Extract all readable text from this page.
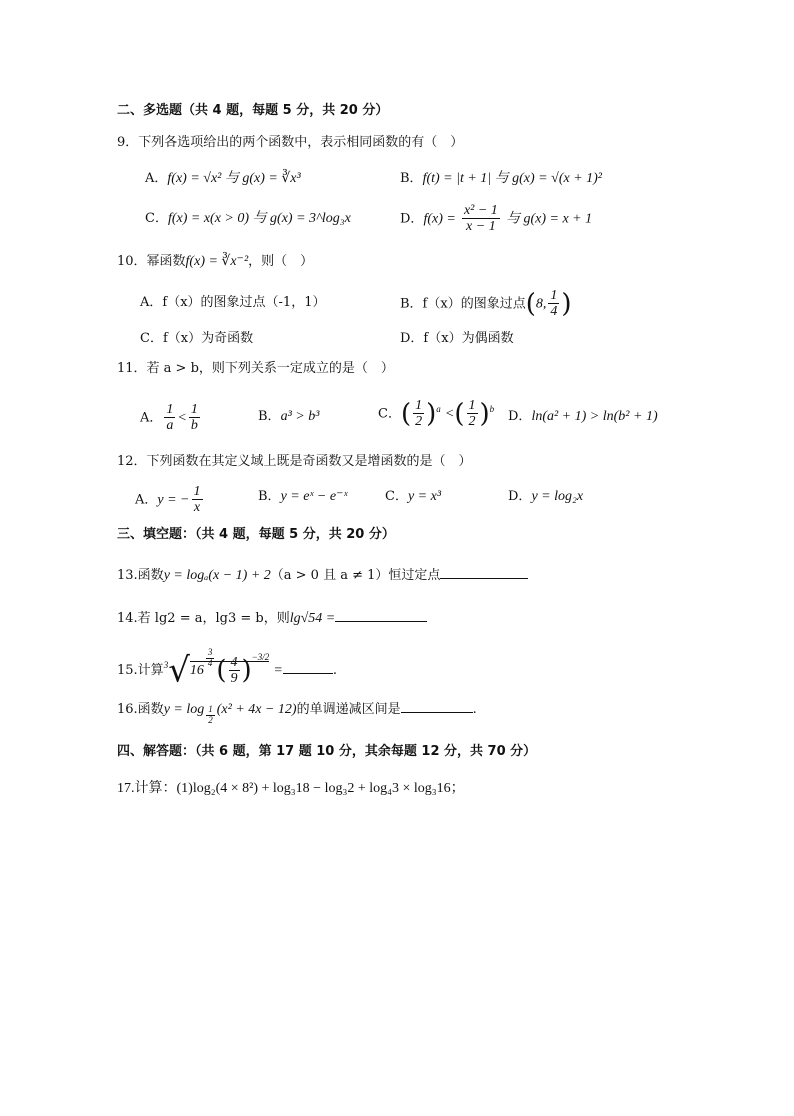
二、多选题（共 4 题，每题 5 分，共 20 分）
9．下列各选项给出的两个函数中，表示相同函数的有（　）
A．f(x) = √x² 与 g(x) = ∛x³	B．f(t) = |t + 1| 与 g(x) = √(x + 1)²
C．f(x) = x(x > 0) 与 g(x) = 3^log₃x	D．$f(x) = \frac{\text{x² − 1}}{x - 1}$ 与 g(x) = x + 1
10．幂函数f(x) = ∛x⁻²，则（　）
A．f（x）的图象过点（-1，1）	B．f（x）的图象过点(8, $\frac{1}{4}$ )
C．f（x）为奇函数	D．f（x）为偶函数
11．若 a > b，则下列关系一定成立的是（　）
A． $\frac{1}{a} < \frac{1}{b}$	B．a³ > b³	C．( $\frac{1}{2} )^a$ <( $\frac{1}{2} )^b$ D．ln(a² + 1) > ln(b² + 1)
12．下列函数在其定义域上既是奇函数又是增函数的是（　）
A．y = − $\frac{1}{x}$	B．y = eˣ − e⁻ˣ	C．y = x³	D．y = log₂x
三、填空题：（共 4 题，每题 5 分，共 20 分）
13.函数y = logₐ(x − 1) + 2（a > 0 且 a ≠ 1）恒过定点
14.若 lg2 = a，lg3 = b，则lg√54 =
15.计算$^3$√16
$\frac{3}{4}$ ( $\frac{4}{9} )^{-3/2}$ =	.
16.函数$y = \log \frac{1}{2} (x^2 + 4x - 12)$的单调递减区间是	.
四、解答题：（共 6 题，第 17 题 10 分，其余每题 12 分，共 70 分）
17.计算：(1)log₂(4 × 8²) + log₃18 − log₃2 + log₄3 × log₃16；
